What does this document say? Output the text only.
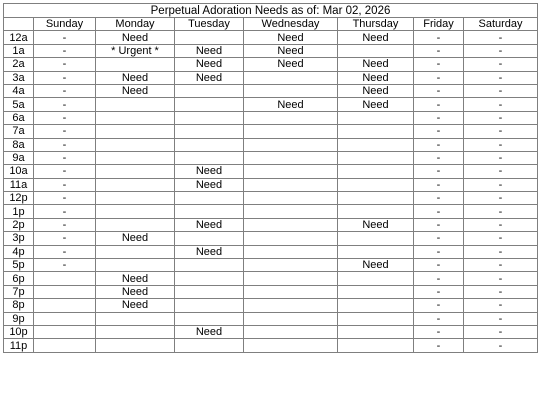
Perpetual Adoration Needs as of: Mar 02, 2026							
	Sunday	Monday	Tuesday	Wednesday	Thursday	Friday	Saturday
12a	-	Need		Need	Need	-	-
1a	-	* Urgent *	Need	Need		-	-
2a	-		Need	Need	Need	-	-
3a	-	Need	Need		Need	-	-
4a	-	Need			Need	-	-
5a	-			Need	Need	-	-
6a	-					-	-
7a	-					-	-
8a	-					-	-
9a	-					-	-
10a	-		Need			-	-
11a	-		Need			-	-
12p	-					-	-
1p	-					-	-
2p	-		Need		Need	-	-
3p	-	Need				-	-
4p	-		Need			-	-
5p	-				Need	-	-
6p		Need				-	-
7p		Need				-	-
8p		Need				-	-
9p						-	-
10p			Need			-	-
11p						-	-
